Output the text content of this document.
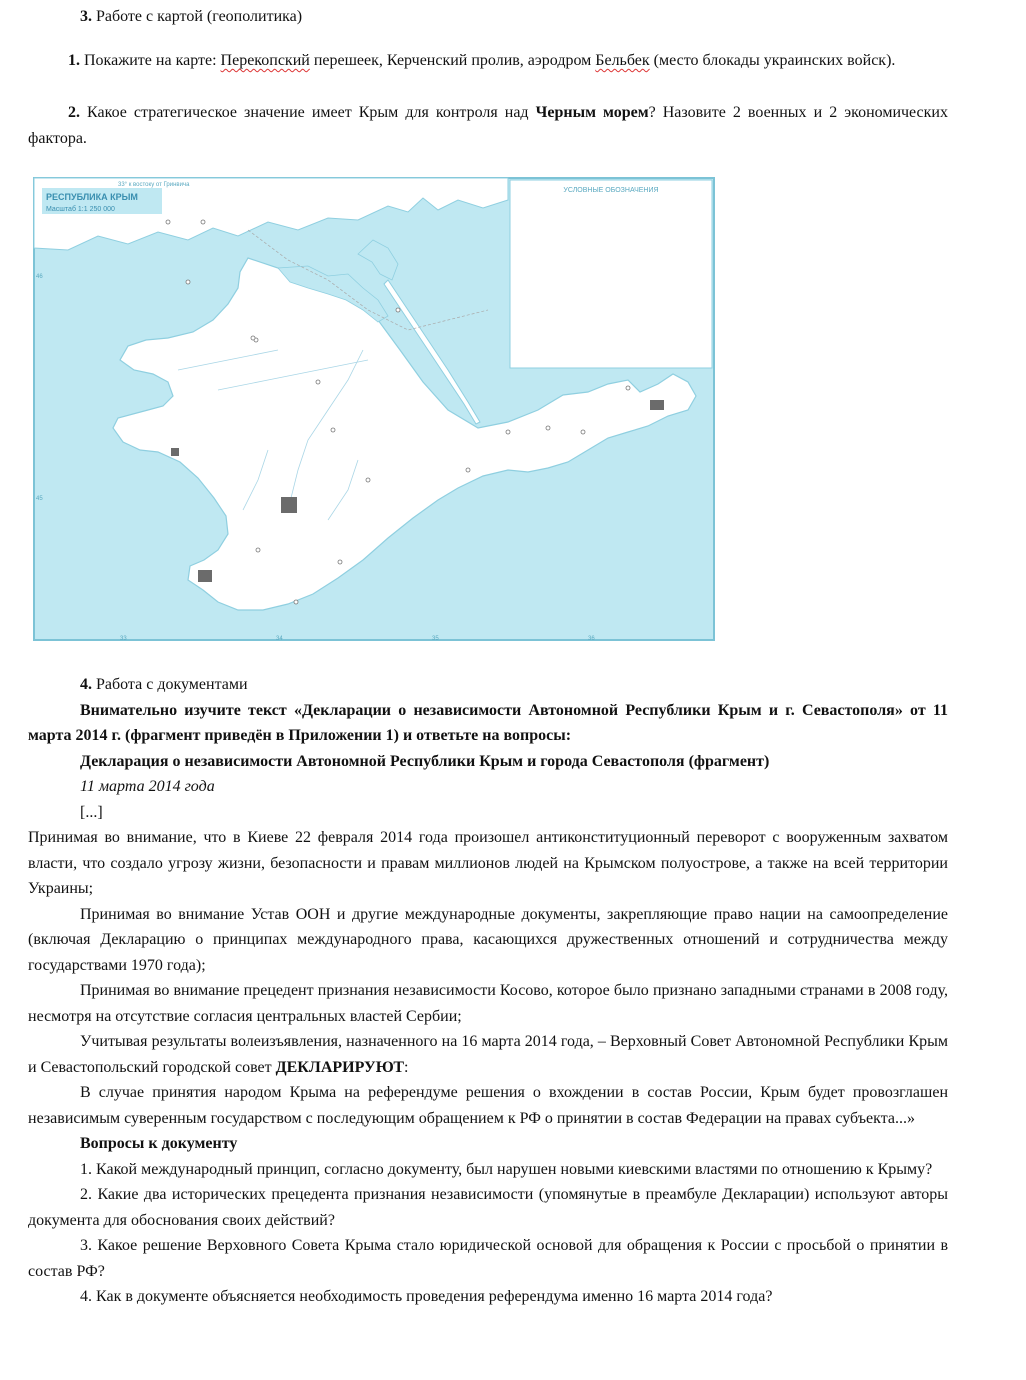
3. Работе с картой (геополитика)

1. Покажите на карте: Перекопский перешеек, Керченский пролив, аэродром Бельбек (место блокады украинских войск).

2. Какое стратегическое значение имеет Крым для контроля над Черным морем? Назовите 2 военных и 2 экономических фактора.

УСЛОВНЫЕ ОБОЗНАЧЕНИЯ
33	34	35	36
46
45
33° к востоку от Гринвича
РЕСПУБЛИКА КРЫМ
Масштаб 1:1 250 000

4. Работа с документами

Внимательно изучите текст «Декларации о независимости Автономной Республики Крым и г. Севастополя» от 11 марта 2014 г. (фрагмент приведён в Приложении 1) и ответьте на вопросы:

Декларация о независимости Автономной Республики Крым и города Севастополя (фрагмент)

11 марта 2014 года

[...]

Принимая во внимание, что в Киеве 22 февраля 2014 года произошел антиконституционный переворот с вооруженным захватом власти, что создало угрозу жизни, безопасности и правам миллионов людей на Крымском полуострове, а также на всей территории Украины;

Принимая во внимание Устав ООН и другие международные документы, закрепляющие право нации на самоопределение (включая Декларацию о принципах международного права, касающихся дружественных отношений и сотрудничества между государствами 1970 года);

Принимая во внимание прецедент признания независимости Косово, которое было признано западными странами в 2008 году, несмотря на отсутствие согласия центральных властей Сербии;

Учитывая результаты волеизъявления, назначенного на 16 марта 2014 года, – Верховный Совет Автономной Республики Крым и Севастопольский городской совет ДЕКЛАРИРУЮТ:

В случае принятия народом Крыма на референдуме решения о вхождении в состав России, Крым будет провозглашен независимым суверенным государством с последующим обращением к РФ о принятии в состав Федерации на правах субъекта...»

Вопросы к документу

1. Какой международный принцип, согласно документу, был нарушен новыми киевскими властями по отношению к Крыму?

2. Какие два исторических прецедента признания независимости (упомянутые в преамбуле Декларации) используют авторы документа для обоснования своих действий?

3. Какое решение Верховного Совета Крыма стало юридической основой для обращения к России с просьбой о принятии в состав РФ?

4. Как в документе объясняется необходимость проведения референдума именно 16 марта 2014 года?
